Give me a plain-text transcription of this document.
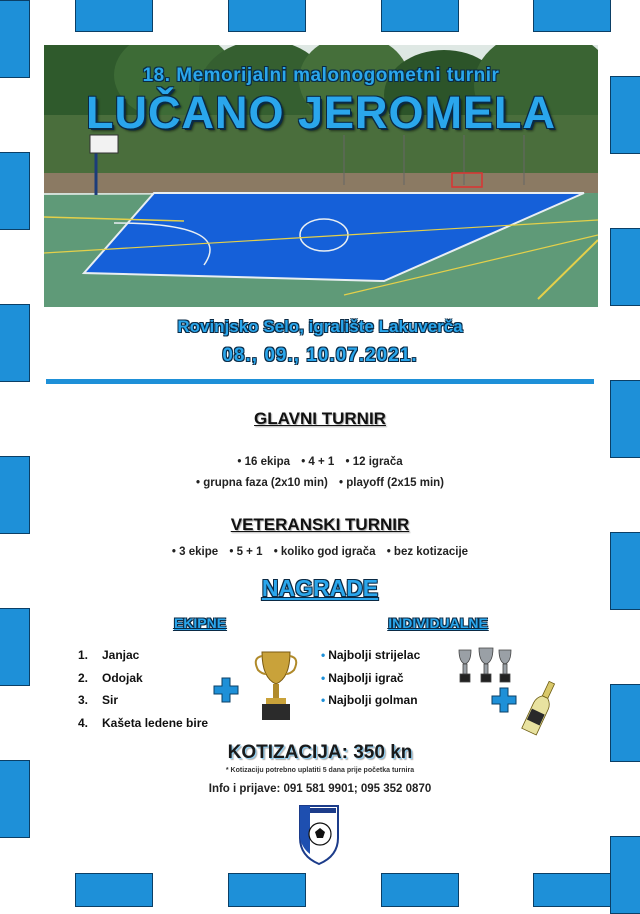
18. Memorijalni malonogometni turnir
LUČANO JEROMELA
Rovinjsko Selo, igralište Lakuverča
08., 09., 10.07.2021.
GLAVNI TURNIR
• 16 ekipa • 4 + 1 • 12 igrača
• grupna faza (2x10 min) • playoff (2x15 min)
VETERANSKI TURNIR
• 3 ekipe • 5 + 1 • koliko god igrača • bez kotizacije
NAGRADE
EKIPNE	INDIVIDUALNE
1. Janjac
2. Odojak
3. Sir
4. Kašeta ledene bire
• Najbolji strijelac
• Najbolji igrač
• Najbolji golman
KOTIZACIJA: 350 kn
* Kotizaciju potrebno uplatiti 5 dana prije početka turnira
Info i prijave: 091 581 9901; 095 352 0870
